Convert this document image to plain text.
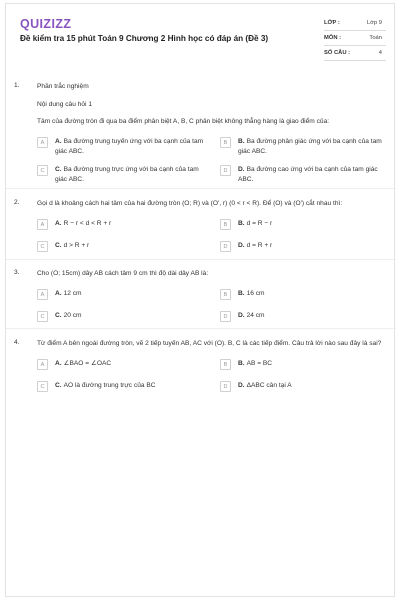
QUIZIZZ
Đề kiểm tra 15 phút Toán 9 Chương 2 Hình học có đáp án (Đề 3)
LỚP :	Lớp 9
MÔN :	Toán
SỐ CÂU :	4
1.	Phần trắc nghiệm
Nội dung câu hỏi 1
Tâm của đường tròn đi qua ba điểm phân biệt A, B, C phân biệt không thẳng hàng là giao điểm của:
A	A. Ba đường trung tuyến ứng với ba cạnh của tam giác ABC.
B	B. Ba đường phân giác ứng với ba cạnh của tam giác ABC.
C	C. Ba đường trung trực ứng với ba cạnh của tam giác ABC.
D	D. Ba đường cao ứng với ba cạnh của tam giác ABC.
2.	Gọi d là khoảng cách hai tâm của hai đường tròn (O; R) và (O', r) (0 < r < R). Để (O) và (O') cắt nhau thì:
A	A. R − r < d < R + r	B	B. d = R − r
C	C. d > R + r	D	D. d = R + r
3.	Cho (O; 15cm) dây AB cách tâm 9 cm thì độ dài dây AB là:
A	A. 12 cm	B	B. 16 cm
C	C. 20 cm	D	D. 24 cm
4.	Từ điểm A bên ngoài đường tròn, vẽ 2 tiếp tuyến AB, AC với (O). B, C là các tiếp điểm. Câu trả lời nào sau đây là sai?
A	A. ∠BAO = ∠OAC	B	B. AB = BC
C	C. AO là đường trung trực của BC	D	D. ΔABC cân tại A
